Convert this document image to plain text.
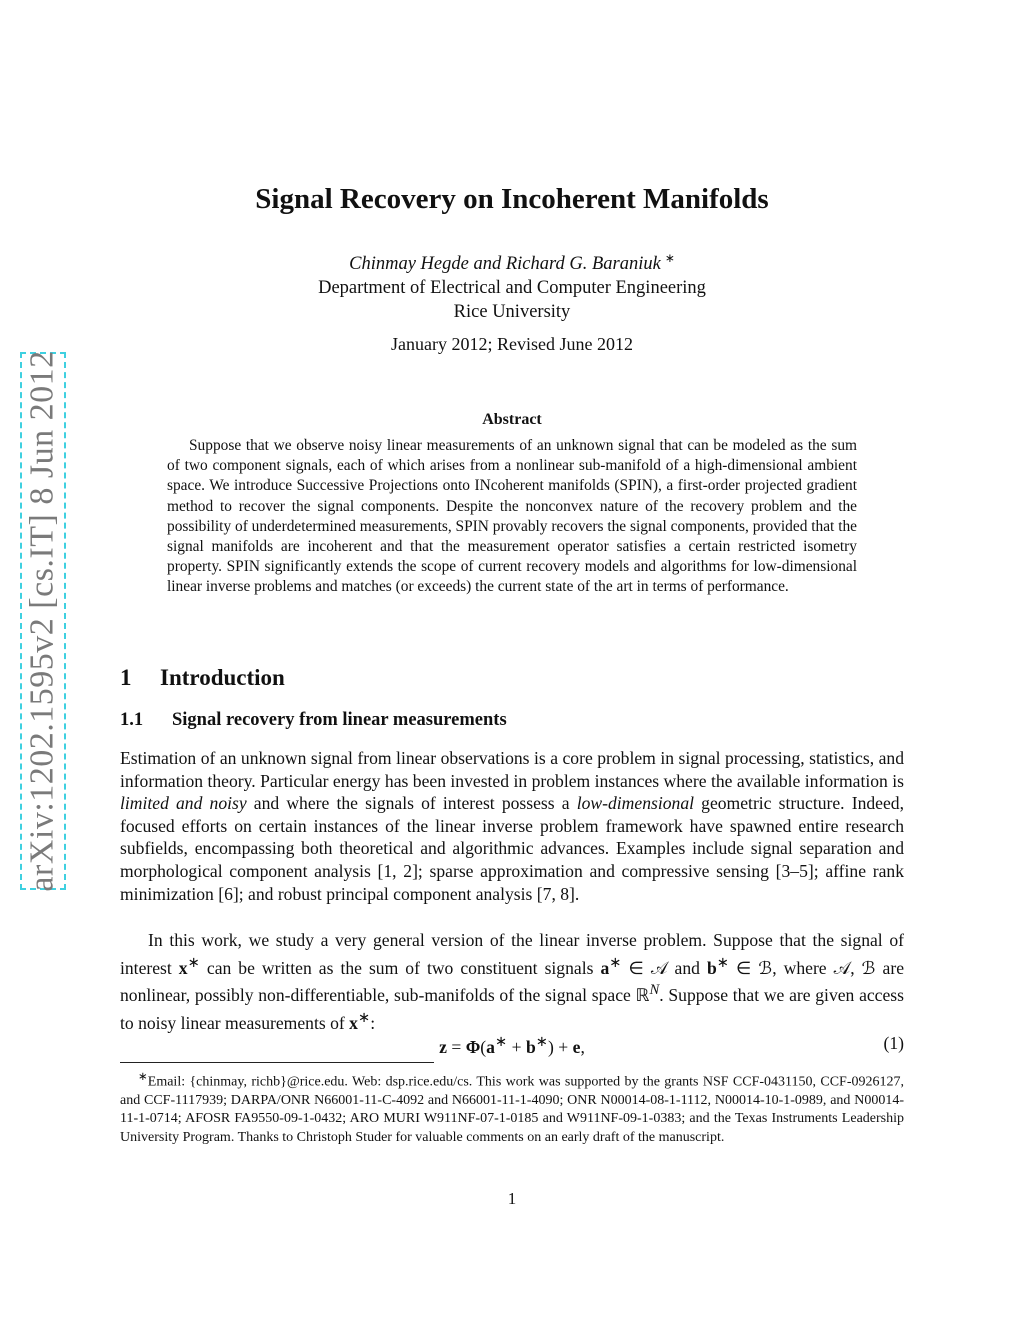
arXiv:1202.1595v2 [cs.IT] 8 Jun 2012
Signal Recovery on Incoherent Manifolds
Chinmay Hegde and Richard G. Baraniuk ∗
Department of Electrical and Computer Engineering
Rice University
January 2012; Revised June 2012
Abstract

Suppose that we observe noisy linear measurements of an unknown signal that can be modeled as the sum of two component signals, each of which arises from a nonlinear sub-manifold of a high-dimensional ambient space. We introduce Successive Projections onto INcoherent manifolds (SPIN), a first-order projected gradient method to recover the signal components. Despite the nonconvex nature of the recovery problem and the possibility of underdetermined measurements, SPIN provably recovers the signal components, provided that the signal manifolds are incoherent and that the measurement operator satisfies a certain restricted isometry property. SPIN significantly extends the scope of current recovery models and algorithms for low-dimensional linear inverse problems and matches (or exceeds) the current state of the art in terms of performance.

1 Introduction
1.1 Signal recovery from linear measurements

Estimation of an unknown signal from linear observations is a core problem in signal processing, statistics, and information theory. Particular energy has been invested in problem instances where the available information is limited and noisy and where the signals of interest possess a low-dimensional geometric structure. Indeed, focused efforts on certain instances of the linear inverse problem framework have spawned entire research subfields, encompassing both theoretical and algorithmic advances. Examples include signal separation and morphological component analysis [1, 2]; sparse approximation and compressive sensing [3–5]; affine rank minimization [6]; and robust principal component analysis [7, 8].

In this work, we study a very general version of the linear inverse problem. Suppose that the signal of interest x∗ can be written as the sum of two constituent signals a∗ ∈ 𝒜 and b∗ ∈ ℬ, where 𝒜, ℬ are nonlinear, possibly non-differentiable, sub-manifolds of the signal space ℝ$^N$. Suppose that we are given access to noisy linear measurements of x∗:

z = Φ(a∗ + b∗) + e,	(1)

∗Email: {chinmay, richb}@rice.edu. Web: dsp.rice.edu/cs. This work was supported by the grants NSF CCF-0431150, CCF-0926127, and CCF-1117939; DARPA/ONR N66001-11-C-4092 and N66001-11-1-4090; ONR N00014-08-1-1112, N00014-10-1-0989, and N00014-11-1-0714; AFOSR FA9550-09-1-0432; ARO MURI W911NF-07-1-0185 and W911NF-09-1-0383; and the Texas Instruments Leadership University Program. Thanks to Christoph Studer for valuable comments on an early draft of the manuscript.

1
